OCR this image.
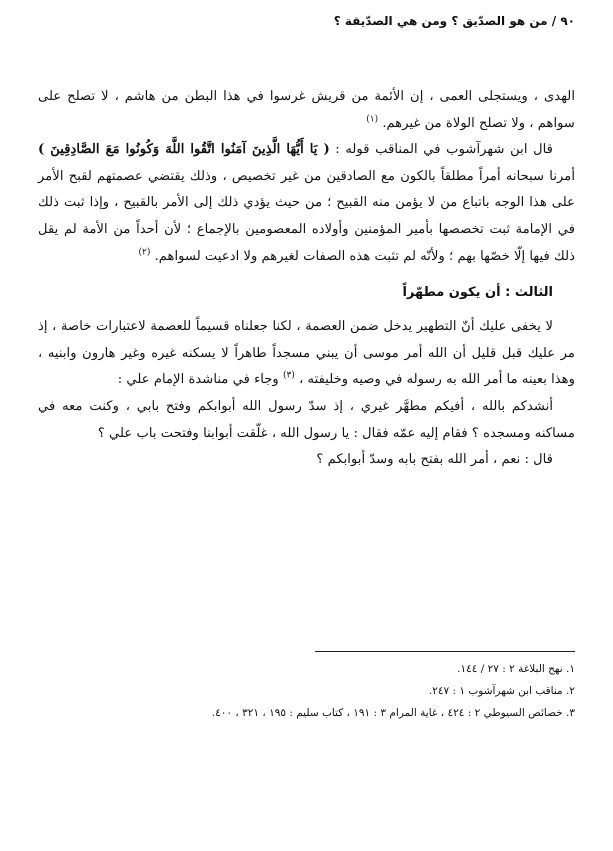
٩٠ / من هو الصدّيق ؟ ومن هي الصدّيقة ؟

الهدى ، ويستجلى العمى ، إن الأئمة من قريش غرسوا في هذا البطن من هاشم ، لا تصلح على سواهم ، ولا تصلح الولاة من غيرهم. $^{(١)}$

قال ابن شهرآشوب في المناقب قوله : ( يَا أَيُّهَا الَّذِينَ آمَنُوا اتَّقُوا اللَّهَ وَكُونُوا مَعَ الصَّادِقِينَ ) أمرنا سبحانه أمراً مطلقاً بالكون مع الصادقين من غير تخصيص ، وذلك يقتضي عصمتهم لقبح الأمر على هذا الوجه باتباع من لا يؤمن منه القبيح ؛ من حيث يؤدي ذلك إلى الأمر بالقبيح ، وإذا ثبت ذلك في الإمامة ثبت تخصصها بأمير المؤمنين وأولاده المعصومين بالإجماع ؛ لأن أحداً من الأمة لم يقل ذلك فيها إلّا خصّها بهم ؛ ولأنّه لم تثبت هذه الصفات لغيرهم ولا ادعيت لسواهم. $^{(٢)}$

الثالث : أن يكون مطهّراً

لا يخفى عليك أنّ التطهير يدخل ضمن العصمة ، لكنا جعلناه قسيماً للعصمة لاعتبارات خاصة ، إذ مر عليك قبل قليل أن الله أمر موسى أن يبني مسجداً طاهراً لا يسكنه غيره وغير هارون وابنيه ، وهذا بعينه ما أمر الله به رسوله في وصيه وخليفته ، $^{(٣)}$ وجاء في مناشدة الإمام علي :

أنشدكم بالله ، أفيكم مطهَّر غيري ، إذ سدّ رسول الله أبوابكم وفتح بابي ، وكنت معه في مساكنه ومسجده ؟ فقام إليه عمّه فقال : يا رسول الله ، غلّقت أبوابنا وفتحت باب علي ؟

قال : نعم ، أمر الله بفتح بابه وسدّ أبوابكم ؟

١. نهج البلاغة ٢ : ٢٧ / ١٤٤.

٢. مناقب ابن شهرآشوب ١ : ٢٤٧.

٣. خصائص السيوطي ٢ : ٤٢٤ ، غاية المرام ٣ : ١٩١ ، كتاب سليم : ١٩٥ ، ٣٢١ ، ٤٠٠.
